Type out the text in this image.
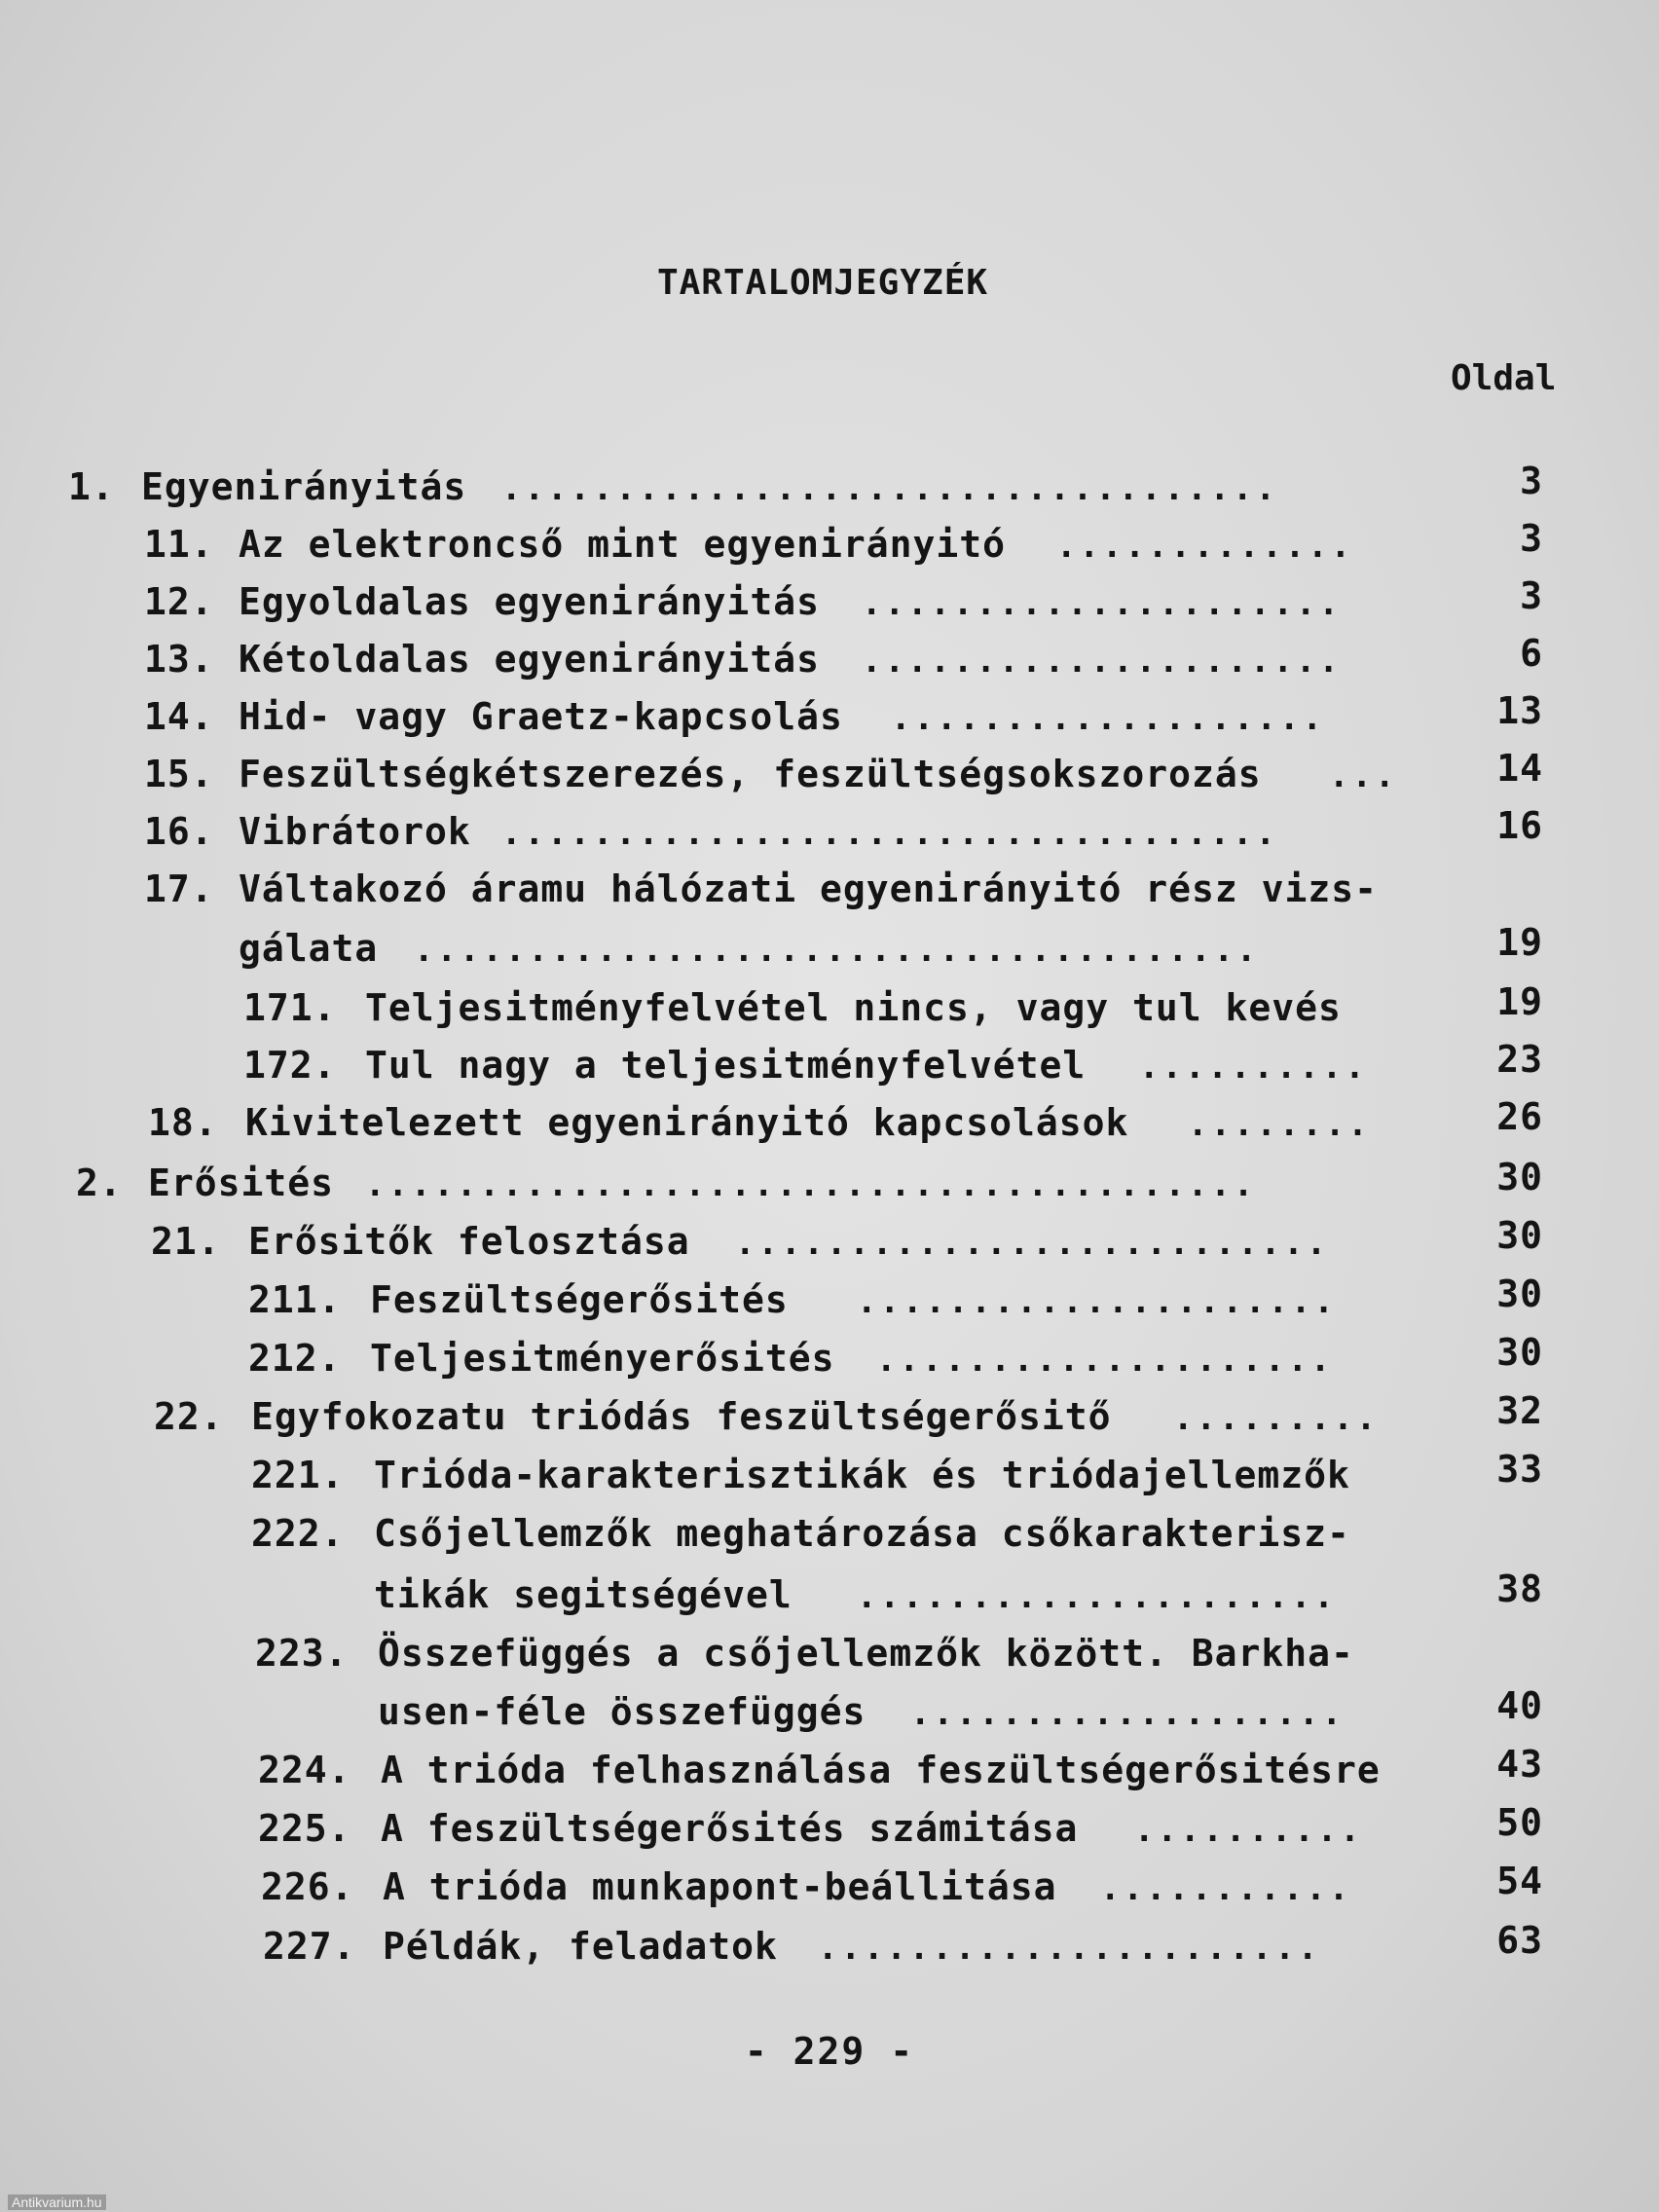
TARTALOMJEGYZÉK
Oldal
1. Egyenirányitás ..................................	3
11. Az elektroncső mint egyenirányitó .............	3
12. Egyoldalas egyenirányitás .....................	3
13. Kétoldalas egyenirányitás .....................	6
14. Hid- vagy Graetz-kapcsolás ...................	13
15. Feszültségkétszerezés, feszültségsokszorozás ...	14
16. Vibrátorok ..................................	16
17. Váltakozó áramu hálózati egyenirányitó rész vizs-
gálata .....................................	19
171. Teljesitményfelvétel nincs, vagy tul kevés	19
172. Tul nagy a teljesitményfelvétel ..........	23
18. Kivitelezett egyenirányitó kapcsolások ........	26
2. Erősités .......................................	30
21. Erősitők felosztása ..........................	30
211. Feszültségerősités .....................	30
212. Teljesitményerősités ....................	30
22. Egyfokozatu triódás feszültségerősitő .........	32
221. Trióda-karakterisztikák és triódajellemzők	33
222. Csőjellemzők meghatározása csőkarakterisz-
tikák segitségével .....................	38
223. Összefüggés a csőjellemzők között. Barkha-
usen-féle összefüggés ...................	40
224. A trióda felhasználása feszültségerősitésre	43
225. A feszültségerősités számitása ..........	50
226. A trióda munkapont-beállitása ...........	54
227. Példák, feladatok ......................	63
- 229 -
Antikvarium.hu
